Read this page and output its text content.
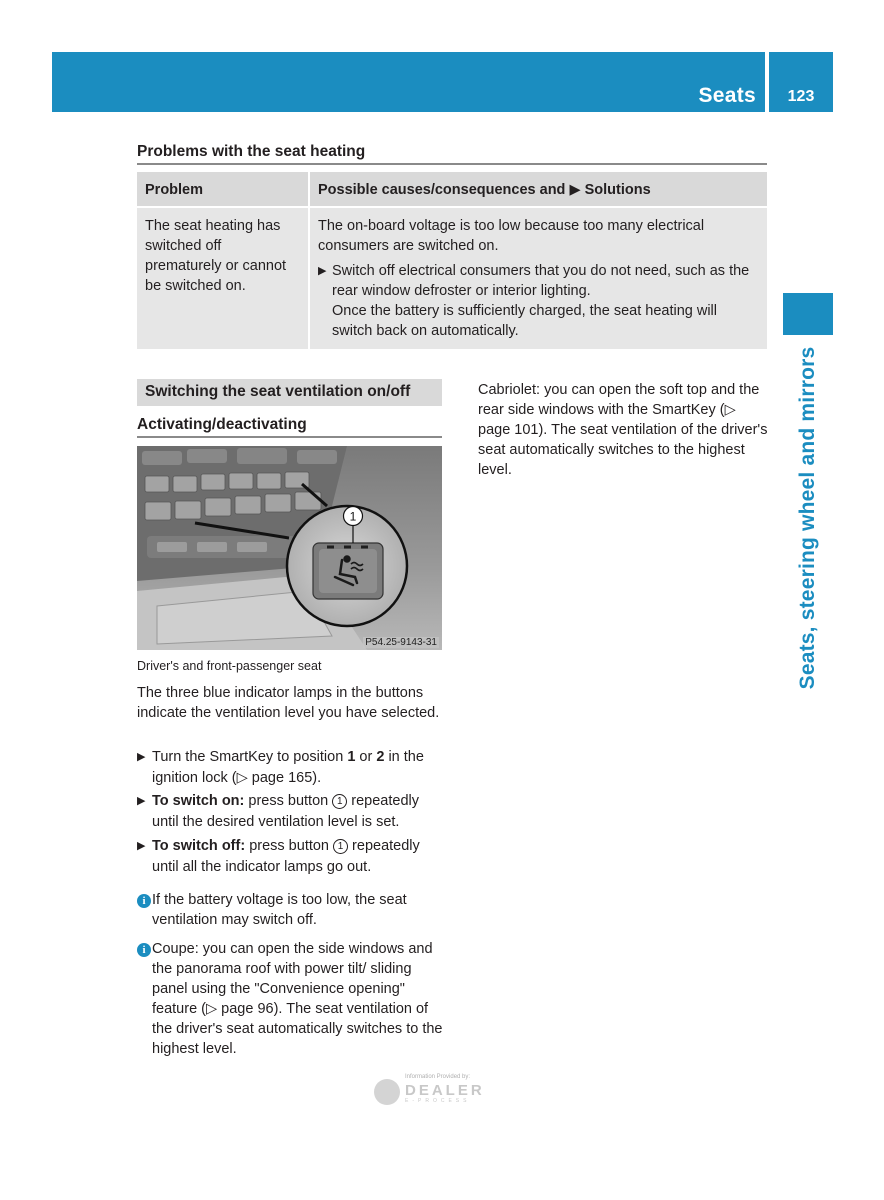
Seats	123
Seats, steering wheel and mirrors
Problems with the seat heating
Problem	Possible causes/consequences and ▶ Solutions
The seat heating has switched off prematurely or cannot be switched on.	The on-board voltage is too low because too many electrical consumers are switched on.
▶ Switch off electrical consumers that you do not need, such as the rear window defroster or interior lighting.
Once the battery is sufficiently charged, the seat heating will switch back on automatically.
Switching the seat ventilation on/off
Activating/deactivating
1
P54.25-9143-31
Driver's and front-passenger seat
The three blue indicator lamps in the buttons indicate the ventilation level you have selected.
▶ Turn the SmartKey to position 1 or 2 in the ignition lock (▷ page 165).
▶ To switch on: press button 1 repeatedly until the desired ventilation level is set.
▶ To switch off: press button 1 repeatedly until all the indicator lamps go out.
i If the battery voltage is too low, the seat ventilation may switch off.
i Coupe: you can open the side windows and the panorama roof with power tilt/ sliding panel using the "Convenience opening" feature (▷ page 96). The seat ventilation of the driver's seat automatically switches to the highest level.
Cabriolet: you can open the soft top and the rear side windows with the SmartKey (▷ page 101). The seat ventilation of the driver's seat automatically switches to the highest level.
Information Provided by:
DEALER
E-PROCESS
